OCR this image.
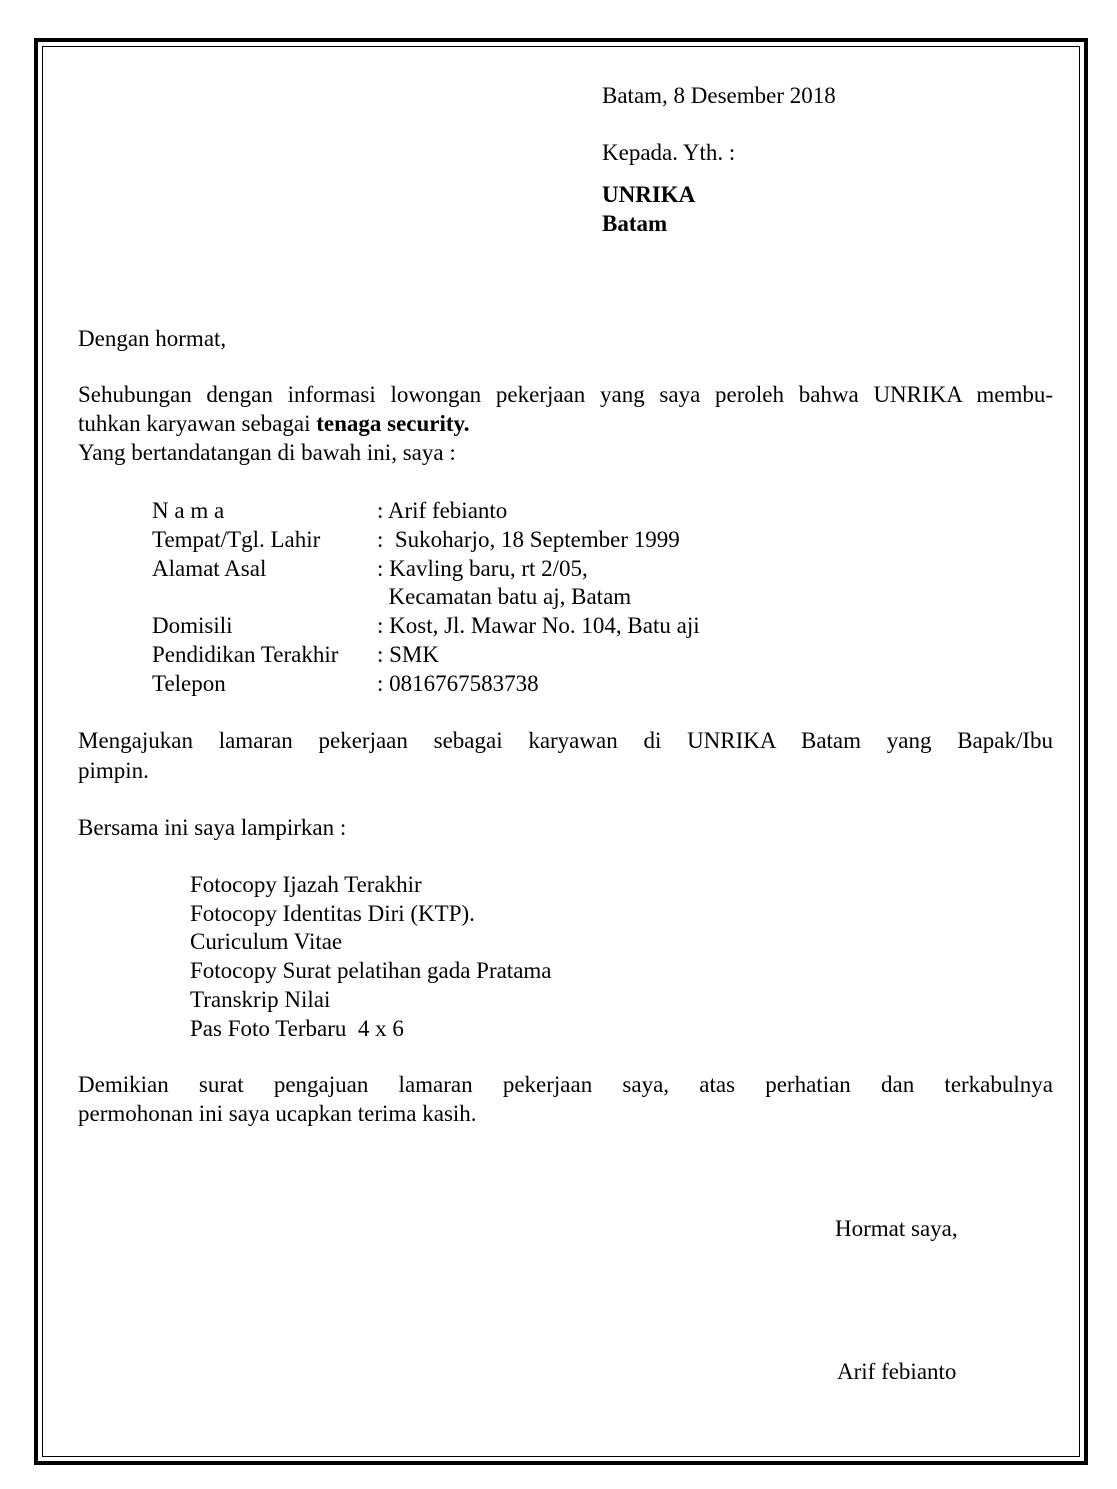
Batam, 8 Desember 2018
Kepada. Yth. :
UNRIKA
Batam
Dengan hormat,
Sehubungan dengan informasi lowongan pekerjaan yang saya peroleh bahwa UNRIKA membu-
tuhkan karyawan sebagai tenaga security.
Yang bertandatangan di bawah ini, saya :
N a m a	: Arif febianto
Tempat/Tgl. Lahir :  Sukoharjo, 18 September 1999
Alamat Asal	: Kavling baru, rt 2/05,
Kecamatan batu aj, Batam
Domisili	: Kost, Jl. Mawar No. 104, Batu aji
Pendidikan Terakhir : SMK
Telepon	: 0816767583738
Mengajukan lamaran pekerjaan sebagai karyawan di UNRIKA Batam yang Bapak/Ibu
pimpin.
Bersama ini saya lampirkan :
Fotocopy Ijazah Terakhir
Fotocopy Identitas Diri (KTP).
Curiculum Vitae
Fotocopy Surat pelatihan gada Pratama
Transkrip Nilai
Pas Foto Terbaru  4 x 6
Demikian surat pengajuan lamaran pekerjaan saya, atas perhatian dan terkabulnya
permohonan ini saya ucapkan terima kasih.
Hormat saya,
Arif febianto
